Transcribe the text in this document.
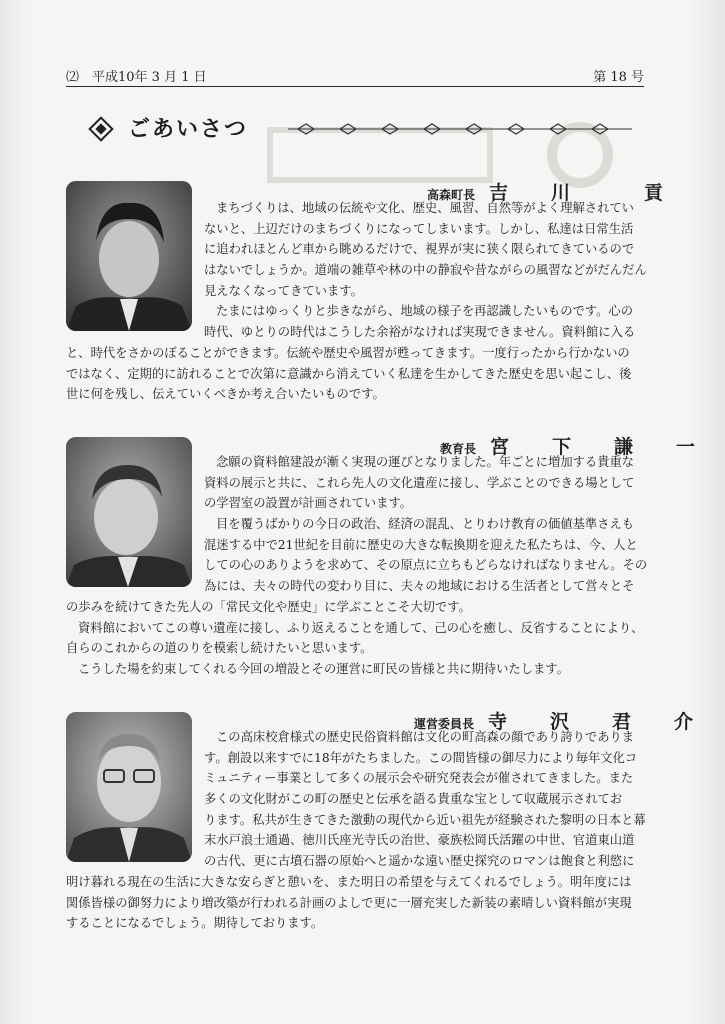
⑵　平成10年 3 月 1 日	第 18 号
ごあいさつ
高森町長 吉　川　　貢
まちづくりは、地域の伝統や文化、歴史、風習、自然等がよく理解されてい
ないと、上辺だけのまちづくりになってしまいます。しかし、私達は日常生活
に追われほとんど車から眺めるだけで、視界が実に狭く限られてきているので
はないでしょうか。道端の雑草や林の中の静寂や昔ながらの風習などがだんだん
見えなくなってきています。
たまにはゆっくりと歩きながら、地域の様子を再認識したいものです。心の
時代、ゆとりの時代はこうした余裕がなければ実現できません。資料館に入る
と、時代をさかのぼることができます。伝統や歴史や風習が甦ってきます。一度行ったから行かないの
ではなく、定期的に訪れることで次第に意識から消えていく私達を生かしてきた歴史を思い起こし、後
世に何を残し、伝えていくべきか考え合いたいものです。
教育長 宮　下　謙　一
念願の資料館建設が漸く実現の運びとなりました。年ごとに増加する貴重な
資料の展示と共に、これら先人の文化遺産に接し、学ぶことのできる場として
の学習室の設置が計画されています。
目を覆うばかりの今日の政治、経済の混乱、とりわけ教育の価値基準さえも
混迷する中で21世紀を目前に歴史の大きな転換期を迎えた私たちは、今、人と
しての心のありようを求めて、その原点に立ちもどらなければなりません。その
為には、夫々の時代の変わり目に、夫々の地域における生活者として営々とそ
の歩みを続けてきた先人の「常民文化や歴史」に学ぶことこそ大切です。
資料館においてこの尊い遺産に接し、ふり返えることを通して、己の心を癒し、反省することにより、
自らのこれからの道のりを模索し続けたいと思います。
こうした場を約束してくれる今回の増設とその運営に町民の皆様と共に期待いたします。
運営委員長 寺　沢　君　介
この高床校倉様式の歴史民俗資料館は文化の町高森の顔であり誇りでありま
す。創設以来すでに18年がたちました。この間皆様の御尽力により毎年文化コ
ミュニティー事業として多くの展示会や研究発表会が催されてきました。また
多くの文化財がこの町の歴史と伝承を語る貴重な宝として収蔵展示されてお
ります。私共が生きてきた激動の現代から近い祖先が経験された黎明の日本と幕
末水戸浪士通過、徳川氏座光寺氏の治世、豪族松岡氏活躍の中世、官道東山道
の古代、更に古墳石器の原始へと遥かな遠い歴史探究のロマンは飽食と利慾に
明け暮れる現在の生活に大きな安らぎと憩いを、また明日の希望を与えてくれるでしょう。明年度には
関係皆様の御努力により増改築が行われる計画のよしで更に一層充実した新装の素晴しい資料館が実現
することになるでしょう。期待しております。
